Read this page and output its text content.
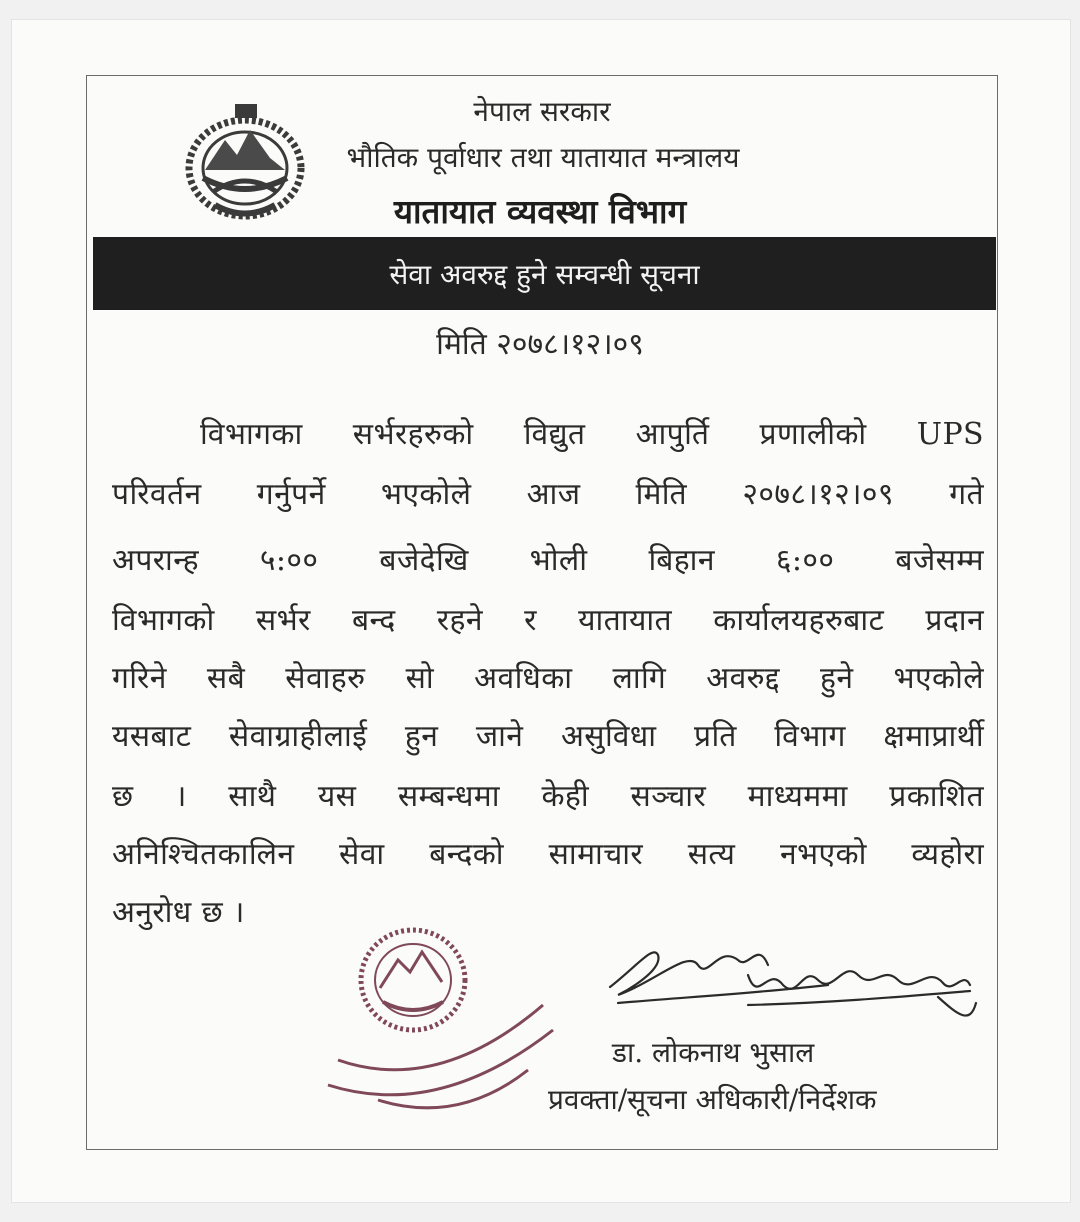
नेपाल सरकार
भौतिक पूर्वाधार तथा यातायात मन्त्रालय
यातायात व्यवस्था विभाग
सेवा अवरुद्द हुने सम्वन्धी सूचना
मिति २०७८।१२।०९
विभागका सर्भरहरुको विद्युत आपुर्ति प्रणालीको UPS
परिवर्तन गर्नुपर्ने भएकोले आज मिति २०७८।१२।०९ गते
अपरान्ह ५:०० बजेदेखि भोली बिहान ६:०० बजेसम्म
विभागको सर्भर बन्द रहने र यातायात कार्यालयहरुबाट प्रदान
गरिने सबै सेवाहरु सो अवधिका लागि अवरुद्द हुने भएकोले
यसबाट सेवाग्राहीलाई हुन जाने असुविधा प्रति विभाग क्षमाप्रार्थी
छ । साथै यस सम्बन्धमा केही सञ्चार माध्यममा प्रकाशित
अनिश्चितकालिन सेवा बन्दको सामाचार सत्य नभएको व्यहोरा
अनुरोध छ ।
डा. लोकनाथ भुसाल
प्रवक्ता/सूचना अधिकारी/निर्देशक
